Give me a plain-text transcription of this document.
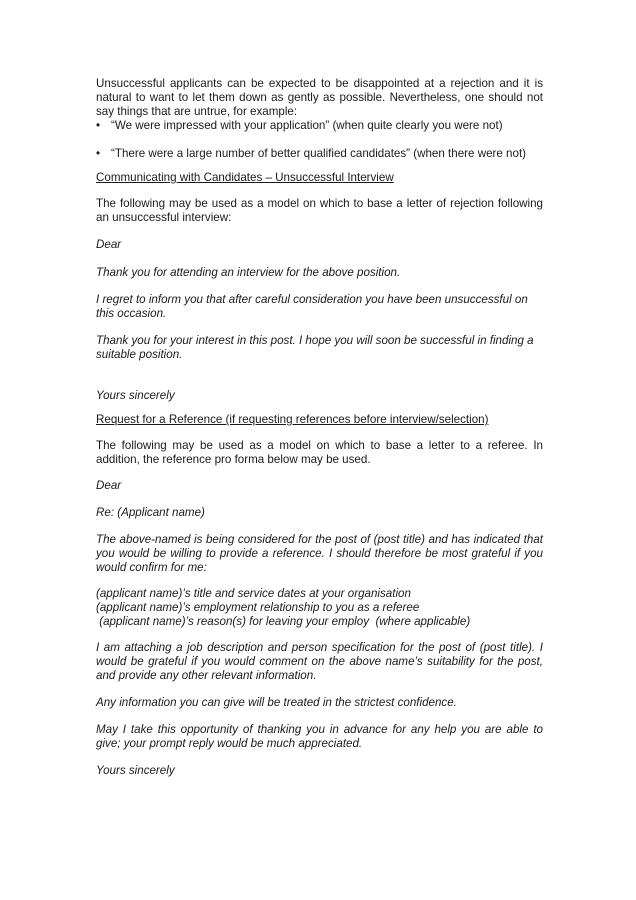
Unsuccessful applicants can be expected to be disappointed at a rejection and it is natural to want to let them down as gently as possible. Nevertheless, one should not say things that are untrue, for example:

• “We were impressed with your application” (when quite clearly you were not)
• “There were a large number of better qualified candidates” (when there were not)

Communicating with Candidates – Unsuccessful Interview

The following may be used as a model on which to base a letter of rejection following an unsuccessful interview:

Dear

Thank you for attending an interview for the above position.

I regret to inform you that after careful consideration you have been unsuccessful on this occasion.

Thank you for your interest in this post. I hope you will soon be successful in finding a suitable position.

Yours sincerely

Request for a Reference (if requesting references before interview/selection)

The following may be used as a model on which to base a letter to a referee. In addition, the reference pro forma below may be used.

Dear

Re: (Applicant name)

The above-named is being considered for the post of (post title) and has indicated that you would be willing to provide a reference. I should therefore be most grateful if you would confirm for me:

(applicant name)’s title and service dates at your organisation
(applicant name)’s employment relationship to you as a referee
(applicant name)’s reason(s) for leaving your employ  (where applicable)

I am attaching a job description and person specification for the post of (post title). I would be grateful if you would comment on the above name’s suitability for the post, and provide any other relevant information.

Any information you can give will be treated in the strictest confidence.

May I take this opportunity of thanking you in advance for any help you are able to give; your prompt reply would be much appreciated.

Yours sincerely
